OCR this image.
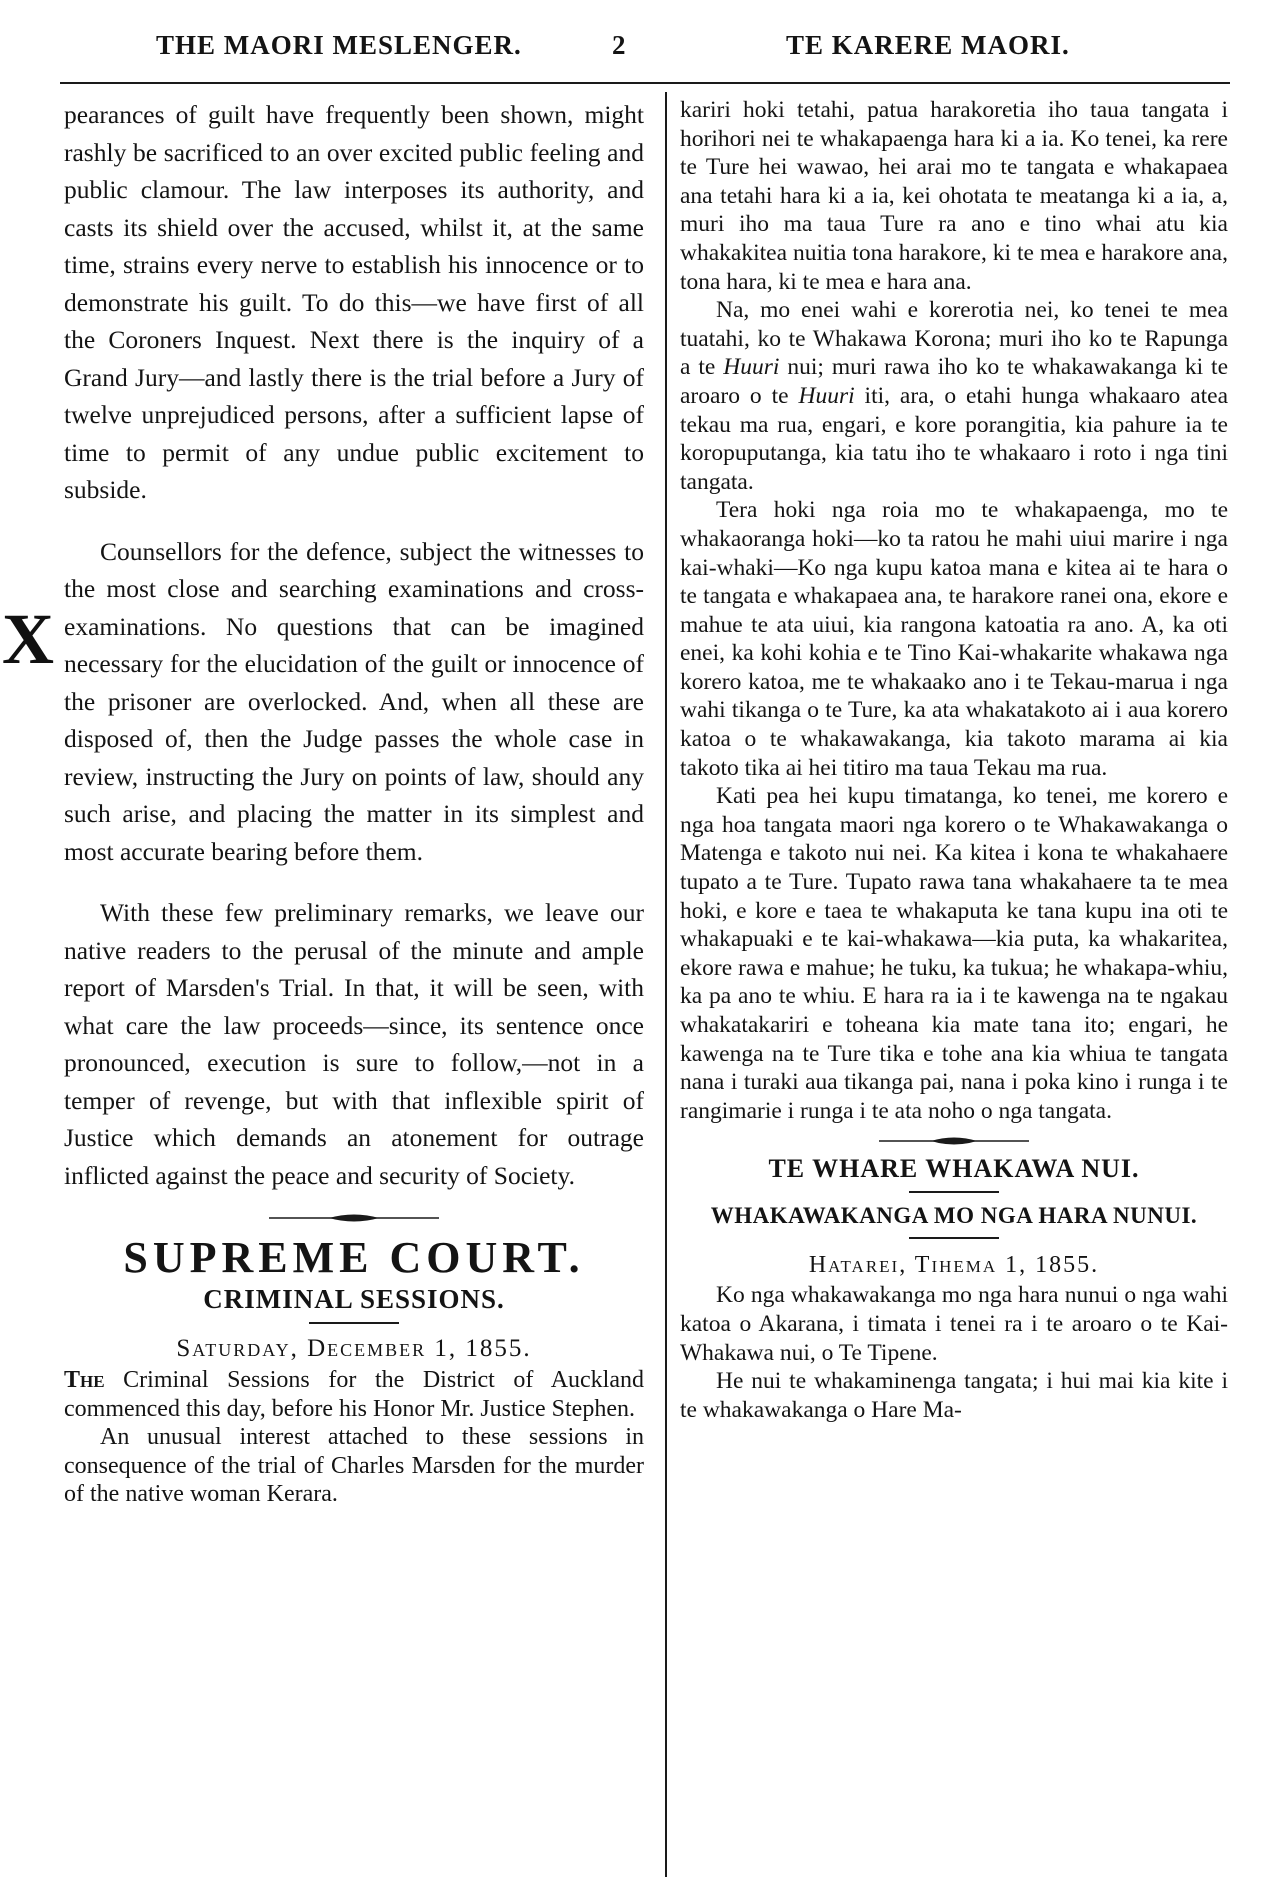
THE MAORI MESLENGER.	2	TE KARERE MAORI.
X

pearances of guilt have frequently been shown, might rashly be sacrificed to an over excited public feeling and public clamour. The law interposes its authority, and casts its shield over the accused, whilst it, at the same time, strains every nerve to establish his innocence or to demonstrate his guilt. To do this—we have first of all the Coroners Inquest. Next there is the inquiry of a Grand Jury—and lastly there is the trial before a Jury of twelve unprejudiced persons, after a sufficient lapse of time to permit of any undue public excitement to subside.

Counsellors for the defence, subject the witnesses to the most close and searching examinations and cross-examinations. No questions that can be imagined necessary for the elucidation of the guilt or innocence of the prisoner are overlocked. And, when all these are disposed of, then the Judge passes the whole case in review, instructing the Jury on points of law, should any such arise, and placing the matter in its simplest and most accurate bearing before them.

With these few preliminary remarks, we leave our native readers to the perusal of the minute and ample report of Marsden's Trial. In that, it will be seen, with what care the law proceeds—since, its sentence once pronounced, execution is sure to follow,—not in a temper of revenge, but with that inflexible spirit of Justice which demands an atonement for outrage inflicted against the peace and security of Society.

SUPREME COURT.
CRIMINAL SESSIONS.
Saturday, December 1, 1855.

The Criminal Sessions for the District of Auckland commenced this day, before his Honor Mr. Justice Stephen.

An unusual interest attached to these sessions in consequence of the trial of Charles Marsden for the murder of the native woman Kerara.

kariri hoki tetahi, patua harakoretia iho taua tangata i horihori nei te whakapaenga hara ki a ia. Ko tenei, ka rere te Ture hei wawao, hei arai mo te tangata e whakapaea ana tetahi hara ki a ia, kei ohotata te meatanga ki a ia, a, muri iho ma taua Ture ra ano e tino whai atu kia whakakitea nuitia tona harakore, ki te mea e harakore ana, tona hara, ki te mea e hara ana.

Na, mo enei wahi e korerotia nei, ko tenei te mea tuatahi, ko te Whakawa Korona; muri iho ko te Rapunga a te Huuri nui; muri rawa iho ko te whakawakanga ki te aroaro o te Huuri iti, ara, o etahi hunga whakaaro atea tekau ma rua, engari, e kore porangitia, kia pahure ia te koropuputanga, kia tatu iho te whakaaro i roto i nga tini tangata.

Tera hoki nga roia mo te whakapaenga, mo te whakaoranga hoki—ko ta ratou he mahi uiui marire i nga kai-whaki—Ko nga kupu katoa mana e kitea ai te hara o te tangata e whakapaea ana, te harakore ranei ona, ekore e mahue te ata uiui, kia rangona katoatia ra ano. A, ka oti enei, ka kohi kohia e te Tino Kai-whakarite whakawa nga korero katoa, me te whakaako ano i te Tekau-marua i nga wahi tikanga o te Ture, ka ata whakatakoto ai i aua korero katoa o te whakawakanga, kia takoto marama ai kia takoto tika ai hei titiro ma taua Tekau ma rua.

Kati pea hei kupu timatanga, ko tenei, me korero e nga hoa tangata maori nga korero o te Whakawakanga o Matenga e takoto nui nei. Ka kitea i kona te whakahaere tupato a te Ture. Tupato rawa tana whakahaere ta te mea hoki, e kore e taea te whakaputa ke tana kupu ina oti te whakapuaki e te kai-whakawa—kia puta, ka whakaritea, ekore rawa e mahue; he tuku, ka tukua; he whakapa-whiu, ka pa ano te whiu. E hara ra ia i te kawenga na te ngakau whakatakariri e toheana kia mate tana ito; engari, he kawenga na te Ture tika e tohe ana kia whiua te tangata nana i turaki aua tikanga pai, nana i poka kino i runga i te rangimarie i runga i te ata noho o nga tangata.

TE WHARE WHAKAWA NUI.
WHAKAWAKANGA MO NGA HARA NUNUI.
Hatarei, Tihema 1, 1855.

Ko nga whakawakanga mo nga hara nunui o nga wahi katoa o Akarana, i timata i tenei ra i te aroaro o te Kai-Whakawa nui, o Te Tipene.

He nui te whakaminenga tangata; i hui mai kia kite i te whakawakanga o Hare Ma-
